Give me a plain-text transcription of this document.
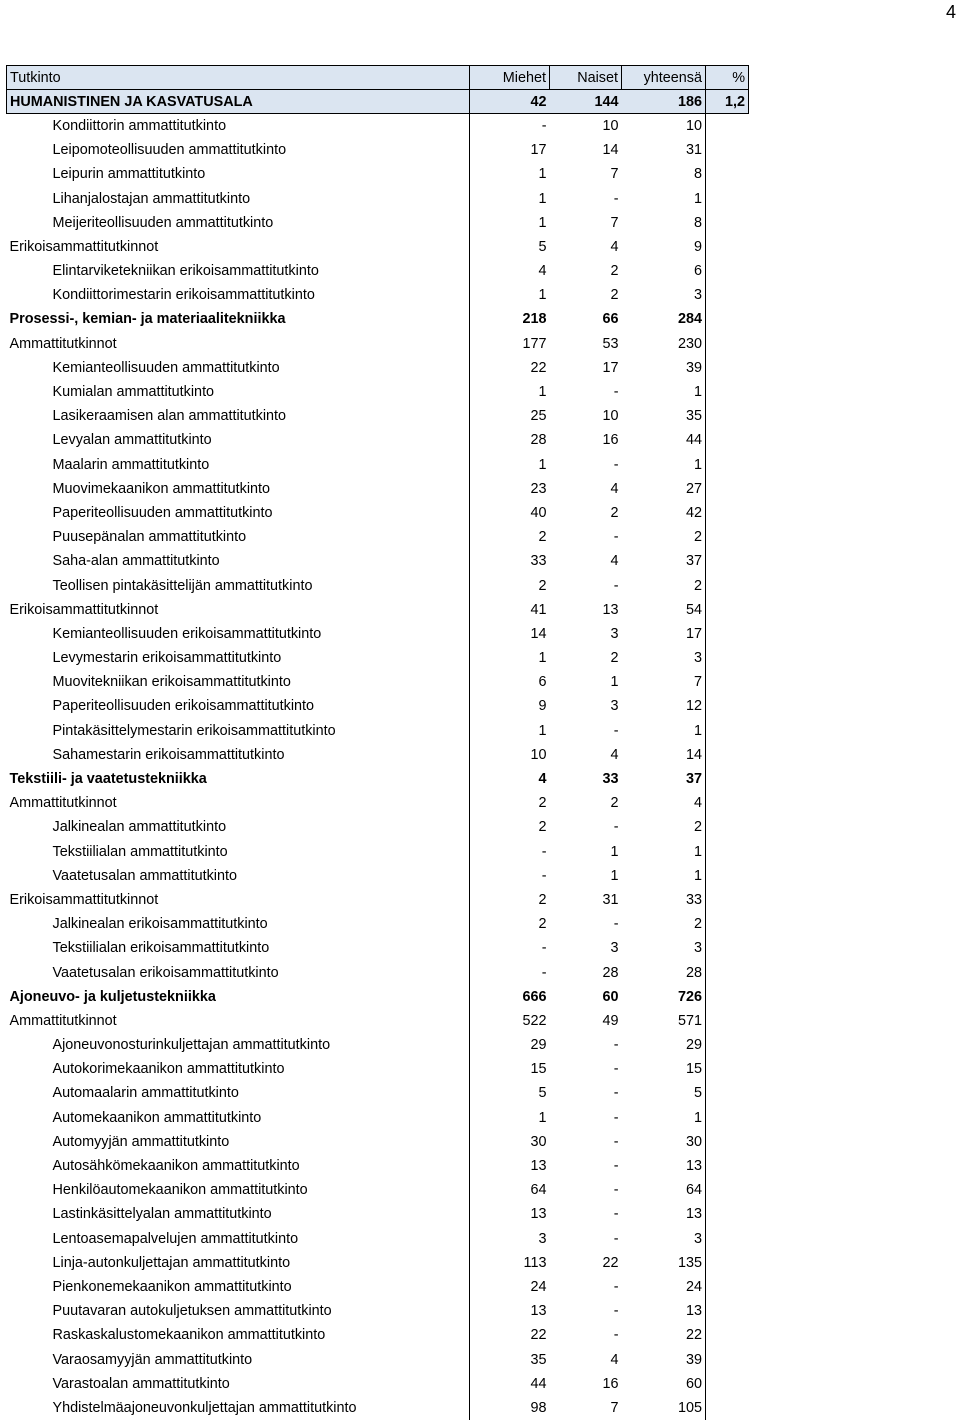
4
Tutkinto	Miehet	Naiset	yhteensä	%
HUMANISTINEN JA KASVATUSALA	42	144	186	1,2
Kondiittorin ammattitutkinto	-	10	10	
Leipomoteollisuuden ammattitutkinto	17	14	31	
Leipurin ammattitutkinto	1	7	8	
Lihanjalostajan ammattitutkinto	1	-	1	
Meijeriteollisuuden ammattitutkinto	1	7	8	
Erikoisammattitutkinnot	5	4	9	
Elintarviketekniikan erikoisammattitutkinto	4	2	6	
Kondiittorimestarin erikoisammattitutkinto	1	2	3	
Prosessi-, kemian- ja materiaalitekniikka	218	66	284	
Ammattitutkinnot	177	53	230	
Kemianteollisuuden ammattitutkinto	22	17	39	
Kumialan ammattitutkinto	1	-	1	
Lasikeraamisen alan ammattitutkinto	25	10	35	
Levyalan ammattitutkinto	28	16	44	
Maalarin ammattitutkinto	1	-	1	
Muovimekaanikon ammattitutkinto	23	4	27	
Paperiteollisuuden ammattitutkinto	40	2	42	
Puusepänalan ammattitutkinto	2	-	2	
Saha-alan ammattitutkinto	33	4	37	
Teollisen pintakäsittelijän ammattitutkinto	2	-	2	
Erikoisammattitutkinnot	41	13	54	
Kemianteollisuuden erikoisammattitutkinto	14	3	17	
Levymestarin erikoisammattitutkinto	1	2	3	
Muovitekniikan erikoisammattitutkinto	6	1	7	
Paperiteollisuuden erikoisammattitutkinto	9	3	12	
Pintakäsittelymestarin erikoisammattitutkinto	1	-	1	
Sahamestarin erikoisammattitutkinto	10	4	14	
Tekstiili- ja vaatetustekniikka	4	33	37	
Ammattitutkinnot	2	2	4	
Jalkinealan ammattitutkinto	2	-	2	
Tekstiilialan ammattitutkinto	-	1	1	
Vaatetusalan ammattitutkinto	-	1	1	
Erikoisammattitutkinnot	2	31	33	
Jalkinealan erikoisammattitutkinto	2	-	2	
Tekstiilialan erikoisammattitutkinto	-	3	3	
Vaatetusalan erikoisammattitutkinto	-	28	28	
Ajoneuvo- ja kuljetustekniikka	666	60	726	
Ammattitutkinnot	522	49	571	
Ajoneuvonosturinkuljettajan ammattitutkinto	29	-	29	
Autokorimekaanikon ammattitutkinto	15	-	15	
Automaalarin ammattitutkinto	5	-	5	
Automekaanikon ammattitutkinto	1	-	1	
Automyyjän ammattitutkinto	30	-	30	
Autosähkömekaanikon ammattitutkinto	13	-	13	
Henkilöautomekaanikon ammattitutkinto	64	-	64	
Lastinkäsittelyalan ammattitutkinto	13	-	13	
Lentoasemapalvelujen ammattitutkinto	3	-	3	
Linja-autonkuljettajan ammattitutkinto	113	22	135	
Pienkonemekaanikon ammattitutkinto	24	-	24	
Puutavaran autokuljetuksen ammattitutkinto	13	-	13	
Raskaskalustomekaanikon ammattitutkinto	22	-	22	
Varaosamyyjän ammattitutkinto	35	4	39	
Varastoalan ammattitutkinto	44	16	60	
Yhdistelmäajoneuvonkuljettajan ammattitutkinto	98	7	105	
